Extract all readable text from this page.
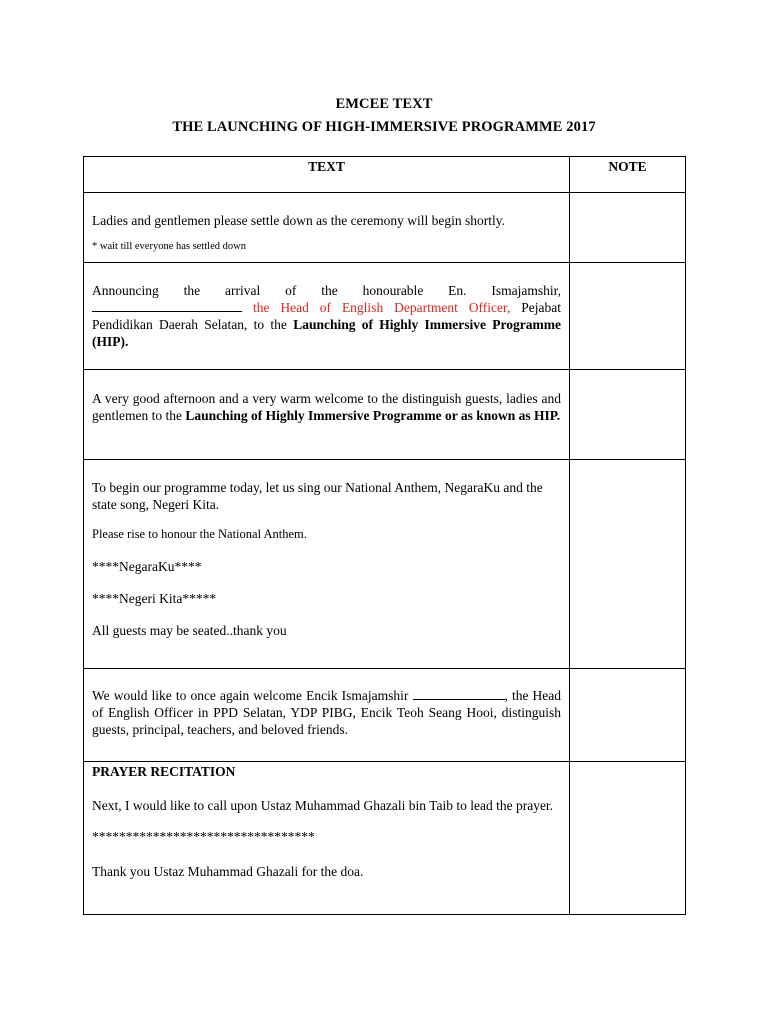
EMCEE TEXT
THE LAUNCHING OF HIGH-IMMERSIVE PROGRAMME 2017
TEXT	NOTE

Ladies and gentlemen please settle down as the ceremony will begin shortly.

* wait till everyone has settled down	

Announcing the arrival of the honourable En. Ismajamshir,  the Head of English Department Officer, Pejabat Pendidikan Daerah Selatan, to the Launching of Highly Immersive Programme (HIP).	

A very good afternoon and a very warm welcome to the distinguish guests, ladies and gentlemen to the Launching of Highly Immersive Programme or as known as HIP.	

To begin our programme today, let us sing our National Anthem, NegaraKu and the state song, Negeri Kita.

Please rise to honour the National Anthem.

****NegaraKu****

****Negeri Kita*****

All guests may be seated..thank you	

We would like to once again welcome Encik Ismajamshir , the Head of English Officer in PPD Selatan, YDP PIBG, Encik Teoh Seang Hooi, distinguish guests, principal, teachers, and beloved friends.	

PRAYER RECITATION

Next, I would like to call upon Ustaz Muhammad Ghazali bin Taib to lead the prayer.

*********************************

Thank you Ustaz Muhammad Ghazali for the doa.	
